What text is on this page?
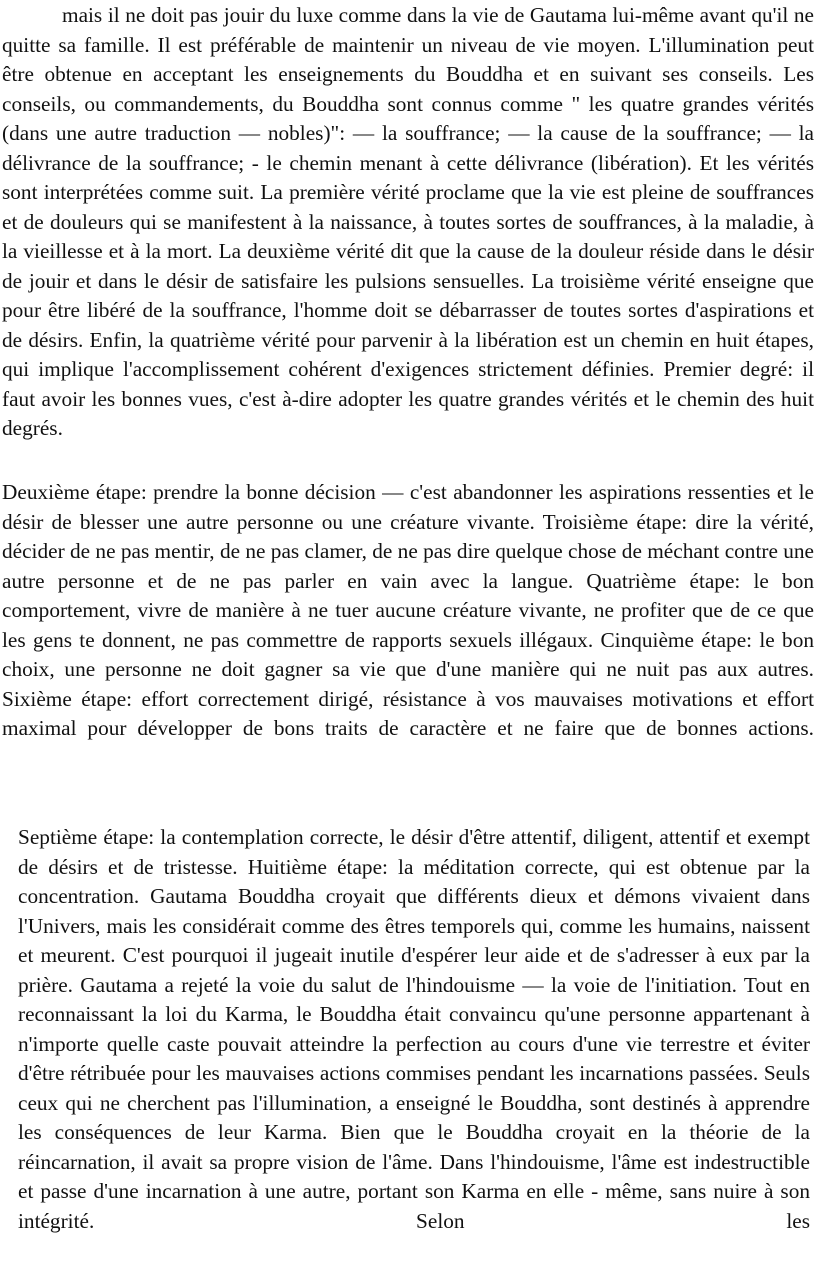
mais il ne doit pas jouir du luxe comme dans la vie de Gautama lui-même avant qu'il ne quitte sa famille. Il est préférable de maintenir un niveau de vie moyen. L'illumination peut être obtenue en acceptant les enseignements du Bouddha et en suivant ses conseils. Les conseils, ou commandements, du Bouddha sont connus comme " les quatre grandes vérités (dans une autre traduction — nobles)": — la souffrance; — la cause de la souffrance; — la délivrance de la souffrance; - le chemin menant à cette délivrance (libération). Et les vérités sont interprétées comme suit. La première vérité proclame que la vie est pleine de souffrances et de douleurs qui se manifestent à la naissance, à toutes sortes de souffrances, à la maladie, à la vieillesse et à la mort. La deuxième vérité dit que la cause de la douleur réside dans le désir de jouir et dans le désir de satisfaire les pulsions sensuelles. La troisième vérité enseigne que pour être libéré de la souffrance, l'homme doit se débarrasser de toutes sortes d'aspirations et de désirs. Enfin, la quatrième vérité pour parvenir à la libération est un chemin en huit étapes, qui implique l'accomplissement cohérent d'exigences strictement définies. Premier degré: il faut avoir les bonnes vues, c'est à-dire adopter les quatre grandes vérités et le chemin des huit degrés.

Deuxième étape: prendre la bonne décision — c'est abandonner les aspirations ressenties et le désir de blesser une autre personne ou une créature vivante. Troisième étape: dire la vérité, décider de ne pas mentir, de ne pas clamer, de ne pas dire quelque chose de méchant contre une autre personne et de ne pas parler en vain avec la langue. Quatrième étape: le bon comportement, vivre de manière à ne tuer aucune créature vivante, ne profiter que de ce que les gens te donnent, ne pas commettre de rapports sexuels illégaux. Cinquième étape: le bon choix, une personne ne doit gagner sa vie que d'une manière qui ne nuit pas aux autres. Sixième étape: effort correctement dirigé, résistance à vos mauvaises motivations et effort maximal pour développer de bons traits de caractère et ne faire que de bonnes actions.

Septième étape: la contemplation correcte, le désir d'être attentif, diligent, attentif et exempt de désirs et de tristesse. Huitième étape: la méditation correcte, qui est obtenue par la concentration. Gautama Bouddha croyait que différents dieux et démons vivaient dans l'Univers, mais les considérait comme des êtres temporels qui, comme les humains, naissent et meurent. C'est pourquoi il jugeait inutile d'espérer leur aide et de s'adresser à eux par la prière. Gautama a rejeté la voie du salut de l'hindouisme — la voie de l'initiation. Tout en reconnaissant la loi du Karma, le Bouddha était convaincu qu'une personne appartenant à n'importe quelle caste pouvait atteindre la perfection au cours d'une vie terrestre et éviter d'être rétribuée pour les mauvaises actions commises pendant les incarnations passées. Seuls ceux qui ne cherchent pas l'illumination, a enseigné le Bouddha, sont destinés à apprendre les conséquences de leur Karma. Bien que le Bouddha croyait en la théorie de la réincarnation, il avait sa propre vision de l'âme. Dans l'hindouisme, l'âme est indestructible et passe d'une incarnation à une autre, portant son Karma en elle - même, sans nuire à son intégrité. Selon les
